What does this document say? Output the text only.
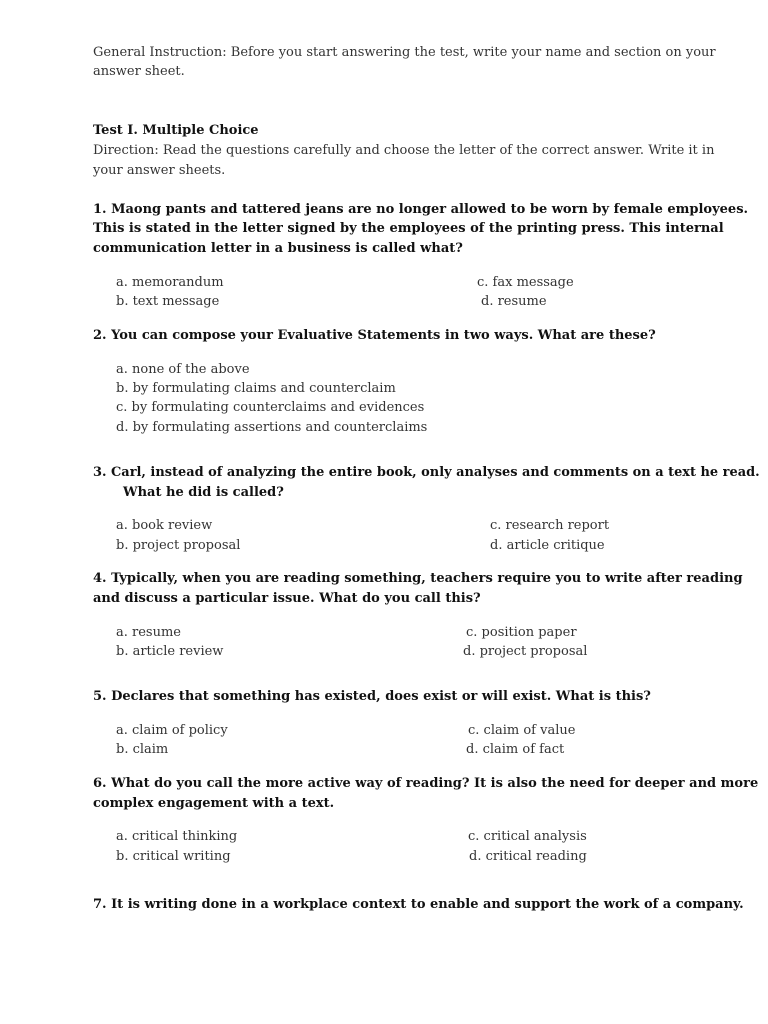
General Instruction: Before you start answering the test, write your name and section on your
answer sheet.
Test I. Multiple Choice
Direction: Read the questions carefully and choose the letter of the correct answer. Write it in
your answer sheets.
1. Maong pants and tattered jeans are no longer allowed to be worn by female employees.
This is stated in the letter signed by the employees of the printing press. This internal
communication letter in a business is called what?
a. memorandum
b. text message
c. fax message
d. resume
2. You can compose your Evaluative Statements in two ways. What are these?
a. none of the above
b. by formulating claims and counterclaim
c. by formulating counterclaims and evidences
d. by formulating assertions and counterclaims
3. Carl, instead of analyzing the entire book, only analyses and comments on a text he read.
What he did is called?
a. book review
b. project proposal
c. research report
d. article critique
4. Typically, when you are reading something, teachers require you to write after reading
and discuss a particular issue. What do you call this?
a. resume
b. article review
c. position paper
d. project proposal
5. Declares that something has existed, does exist or will exist. What is this?
a. claim of policy
b. claim
c. claim of value
d. claim of fact
6. What do you call the more active way of reading? It is also the need for deeper and more
complex engagement with a text.
a. critical thinking
b. critical writing
c. critical analysis
d. critical reading
7. It is writing done in a workplace context to enable and support the work of a company.
